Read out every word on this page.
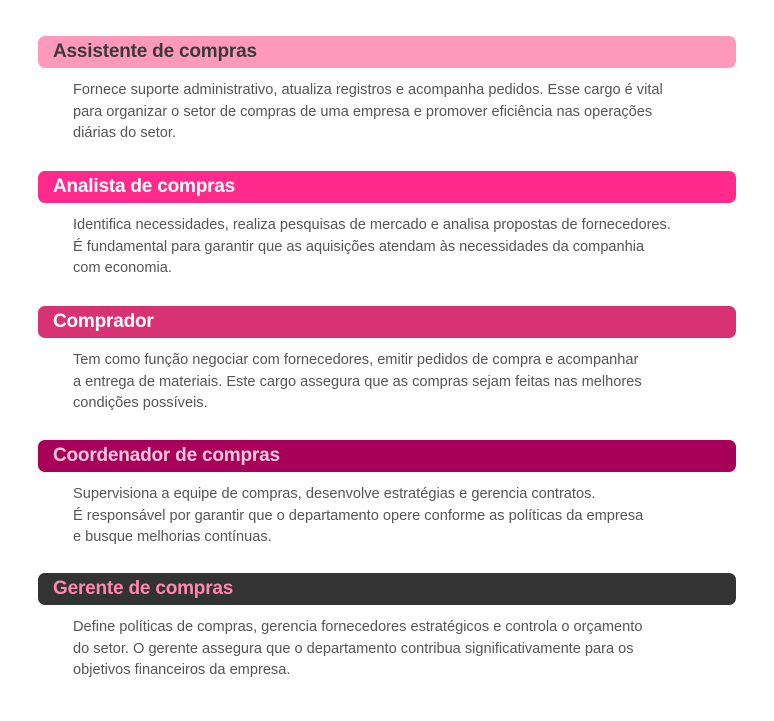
Assistente de compras
Fornece suporte administrativo, atualiza registros e acompanha pedidos. Esse cargo é vital
para organizar o setor de compras de uma empresa e promover eficiência nas operações
diárias do setor.
Analista de compras
Identifica necessidades, realiza pesquisas de mercado e analisa propostas de fornecedores.
É fundamental para garantir que as aquisições atendam às necessidades da companhia
com economia.
Comprador
Tem como função negociar com fornecedores, emitir pedidos de compra e acompanhar
a entrega de materiais. Este cargo assegura que as compras sejam feitas nas melhores
condições possíveis.
Coordenador de compras
Supervisiona a equipe de compras, desenvolve estratégias e gerencia contratos.
É responsável por garantir que o departamento opere conforme as políticas da empresa
e busque melhorias contínuas.
Gerente de compras
Define políticas de compras, gerencia fornecedores estratégicos e controla o orçamento
do setor. O gerente assegura que o departamento contribua significativamente para os
objetivos financeiros da empresa.
